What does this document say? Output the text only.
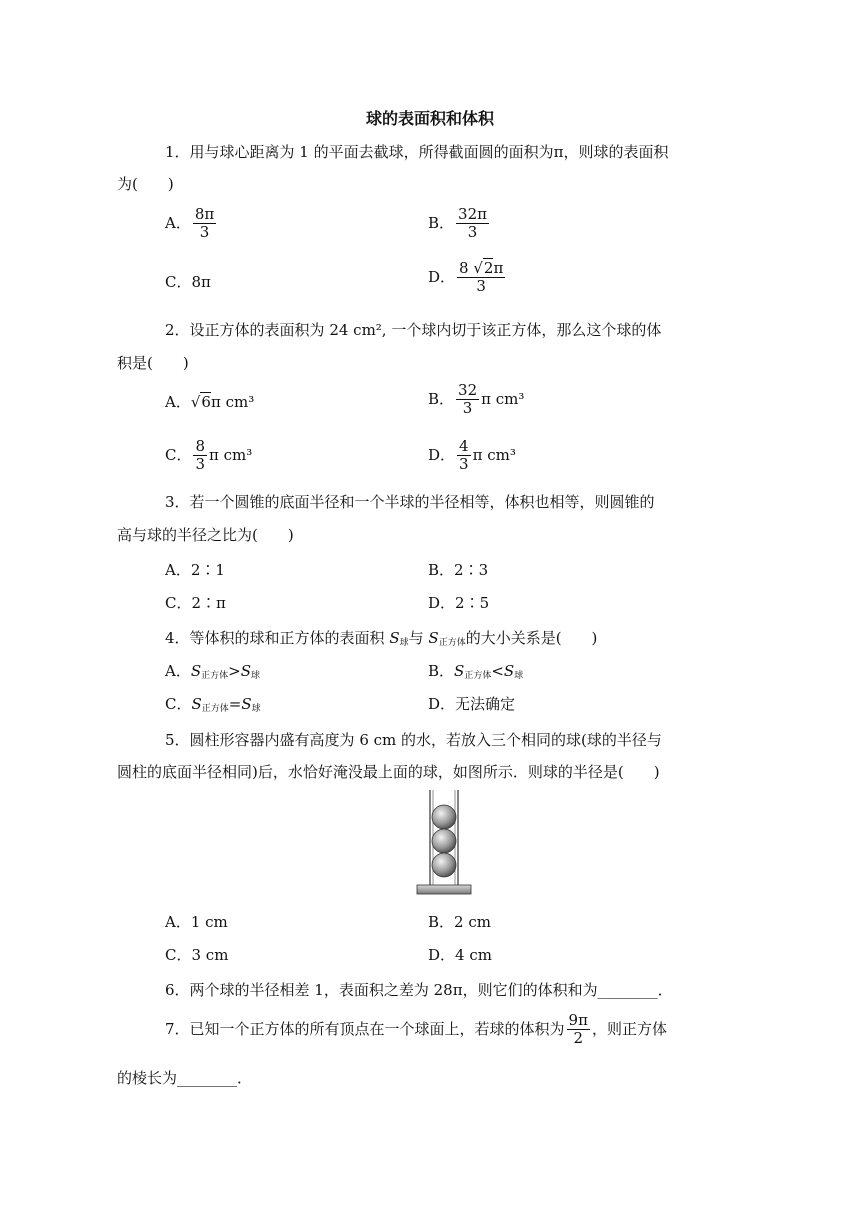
球的表面积和体积
1．用与球心距离为 1 的平面去截球，所得截面圆的面积为π，则球的表面积
为(　　)
A． $\frac{8\pi}{3}$	B． $\frac{32\pi}{3}$
C．8π	D． $\frac{8 √2\pi}{3}$
2．设正方体的表面积为 24 cm², 一个球内切于该正方体，那么这个球的体
积是(　　)
A．√6π cm³	B． $\frac{32}{3}$ π cm³
C． $\frac{8}{3}$ π cm³	D． $\frac{4}{3}$ π cm³
3．若一个圆锥的底面半径和一个半球的半径相等，体积也相等，则圆锥的
高与球的半径之比为(　　)
A．2∶1	B．2∶3
C．2∶π	D．2∶5
4．等体积的球和正方体的表面积 $S_球$与 $S_{正方体}$的大小关系是(　　)
A．$S_{正方体}>S_球$	B．$S_{正方体}<S_球$
C．$S_{正方体}=S_球$	D．无法确定
5．圆柱形容器内盛有高度为 6 cm 的水，若放入三个相同的球(球的半径与
圆柱的底面半径相同)后，水恰好淹没最上面的球，如图所示．则球的半径是(　　)
A．1 cm	B．2 cm
C．3 cm	D．4 cm
6．两个球的半径相差 1，表面积之差为 28π，则它们的体积和为________．
7．已知一个正方体的所有顶点在一个球面上，若球的体积为 $\frac{9\pi}{2}$ ，则正方体
的棱长为________．
